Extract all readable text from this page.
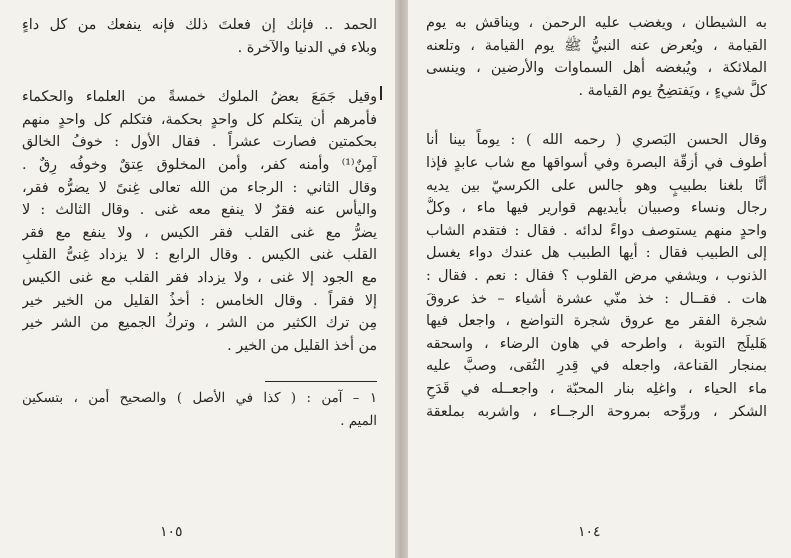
الحمد .. فإنك إن فعلتَ ذلك فإنه ينفعك من كل داءٍ
وبلاء في الدنيا والآخرة .
وقيل جَمَعَ بعضُ الملوك خمسةً من العلماء والحكماء
فأمرهم أن يتكلم كل واحدٍ بحكمة، فتكلم كل واحدٍ منهم
بحكمتين فصارت عشراً . فقال الأول : خوفُ الخالق
آمِنٌ⁽¹⁾ وأمنه كفر، وأمن المخلوق عِتقٌ وخوفُه رِقٌ .
وقال الثاني : الرجاء من الله تعالى غِنىً لا يضرُّه فقر،
واليأس عنه فقرٌ لا ينفع معه غنى . وقال الثالث : لا
يضرُّ مع غنى القلب فقر الكيس ، ولا ينفع مع فقر
القلب غنى الكيس . وقال الرابع : لا يزداد غِنىُّ القلبِ
مع الجود إلا غنى ، ولا يزداد فقر القلب مع غنى الكيس
إلا فقراً . وقال الخامس : أخذُ القليل من الخير خير
مِن ترك الكثير من الشر ، وتركُ الجميع من الشر خير
من أخذ القليل من الخير .
١ – آمن : ( كذا في الأصل ) والصحيح أمن ، بتسكين
الميم .
١٠٥
به الشيطان ، ويغضب عليه الرحمن ، ويناقش به يوم
القيامة ، ويُعرض عنه النبيُّ ﷺ يوم القيامة ، وتلعنه
الملائكة ، ويُبغضه أهل السماوات والأرضين ، وينسى
كلَّ شيءٍ ، ويَفتضِحُ يوم القيامة .
وقال الحسن البَصري ( رحمه الله ) : يوماً بينا أنا
أطوف في أزقّة البصرة وفي أسواقها مع شاب عابدٍ فإذا
أنَّا بلغنا بطبيبٍ وهو جالس على الكرسيّ بين يديه
رجال ونساء وصبيان بأيديهم قوارير فيها ماء ، وكلُّ
واحدٍ منهم يستوصف دواءً لدائه . فقال : فتقدم الشاب
إلى الطبيب فقال : أيها الطبيب هل عندك دواء يغسل
الذنوب ، ويشفي مرض القلوب ؟ فقال : نعم . فقال :
هات . فقــال : خذ منّي عشرة أشياء – خذ عروقَ
شجرة الفقر مع عروق شجرة التواضع ، واجعل فيها
هَليلَج التوبة ، واطرحه في هاون الرضاء ، واسحقه
بمنجار القناعة، واجعله في قِدرِ التُقى، وصبَّ عليه
ماء الحياء ، واغلِه بنار المحبّة ، واجعــله في قَدَحِ
الشكر ، وروِّحه بمروحة الرجــاء ، واشربه بملعقة
١٠٤
